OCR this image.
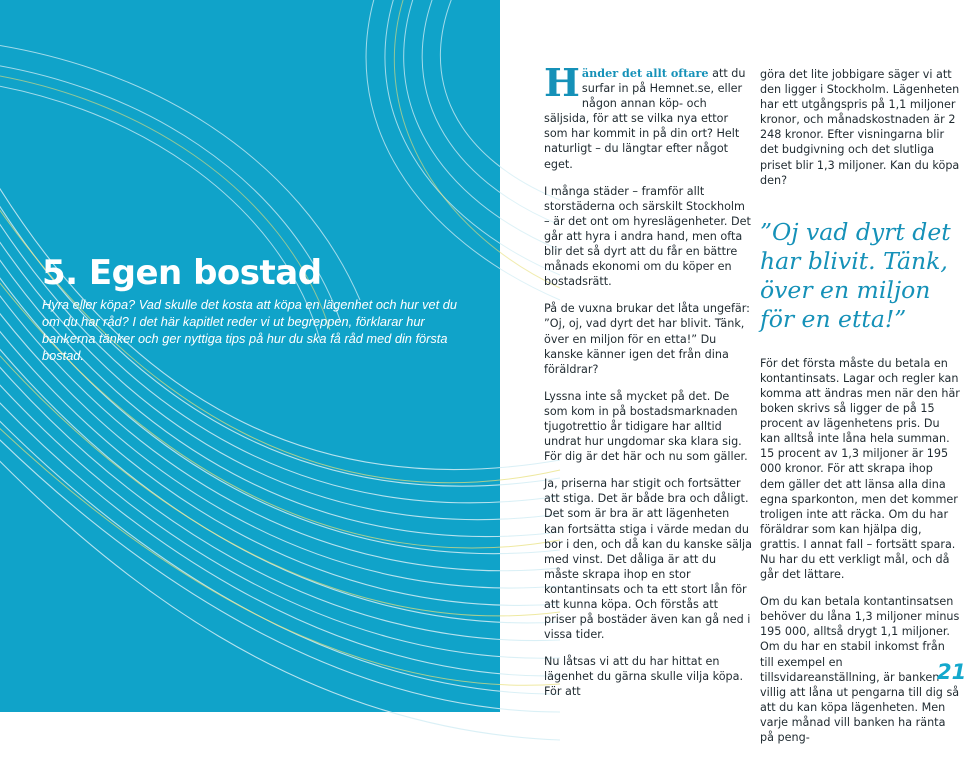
5. Egen bostad

Hyra eller köpa? Vad skulle det kosta att köpa en lägenhet och hur vet du om du har råd? I det här kapitlet reder vi ut begreppen, förklarar hur bankerna tänker och ger nyttiga tips på hur du ska få råd med din första bostad.

Händer det allt oftare att du surfar in på Hemnet.se, eller någon annan köp- och säljsida, för att se vilka nya ettor som har kommit in på din ort? Helt naturligt – du längtar efter något eget.

I många städer – framför allt storstäderna och särskilt Stockholm – är det ont om hyreslägenheter. Det går att hyra i andra hand, men ofta blir det så dyrt att du får en bättre månads ekonomi om du köper en bostadsrätt.

På de vuxna brukar det låta ungefär: ”Oj, oj, vad dyrt det har blivit. Tänk, över en miljon för en etta!” Du kanske känner igen det från dina föräldrar?

Lyssna inte så mycket på det. De som kom in på bostadsmarknaden tjugotrettio år tidigare har alltid undrat hur ungdomar ska klara sig. För dig är det här och nu som gäller.

Ja, priserna har stigit och fortsätter att stiga. Det är både bra och dåligt. Det som är bra är att lägenheten kan fortsätta stiga i värde medan du bor i den, och då kan du kanske sälja med vinst. Det dåliga är att du måste skrapa ihop en stor kontantinsats och ta ett stort lån för att kunna köpa. Och förstås att priser på bostäder även kan gå ned i vissa tider.

Nu låtsas vi att du har hittat en lägenhet du gärna skulle vilja köpa. För att

göra det lite jobbigare säger vi att den ligger i Stockholm. Lägenheten har ett utgångspris på 1,1 miljoner kronor, och månadskostnaden är 2 248 kronor. Efter visningarna blir det budgivning och det slutliga priset blir 1,3 miljoner. Kan du köpa den?

”Oj vad dyrt det har blivit. Tänk, över en miljon för en etta!”

För det första måste du betala en kontantinsats. Lagar och regler kan komma att ändras men när den här boken skrivs så ligger de på 15 procent av lägenhetens pris. Du kan alltså inte låna hela summan. 15 procent av 1,3 miljoner är 195 000 kronor. För att skrapa ihop dem gäller det att länsa alla dina egna sparkonton, men det kommer troligen inte att räcka. Om du har föräldrar som kan hjälpa dig, grattis. I annat fall – fortsätt spara. Nu har du ett verkligt mål, och då går det lättare.

Om du kan betala kontantinsatsen behöver du låna 1,3 miljoner minus 195 000, alltså drygt 1,1 miljoner. Om du har en stabil inkomst från till exempel en tillsvidareanställning, är banken villig att låna ut pengarna till dig så att du kan köpa lägenheten. Men varje månad vill banken ha ränta på peng-

21
